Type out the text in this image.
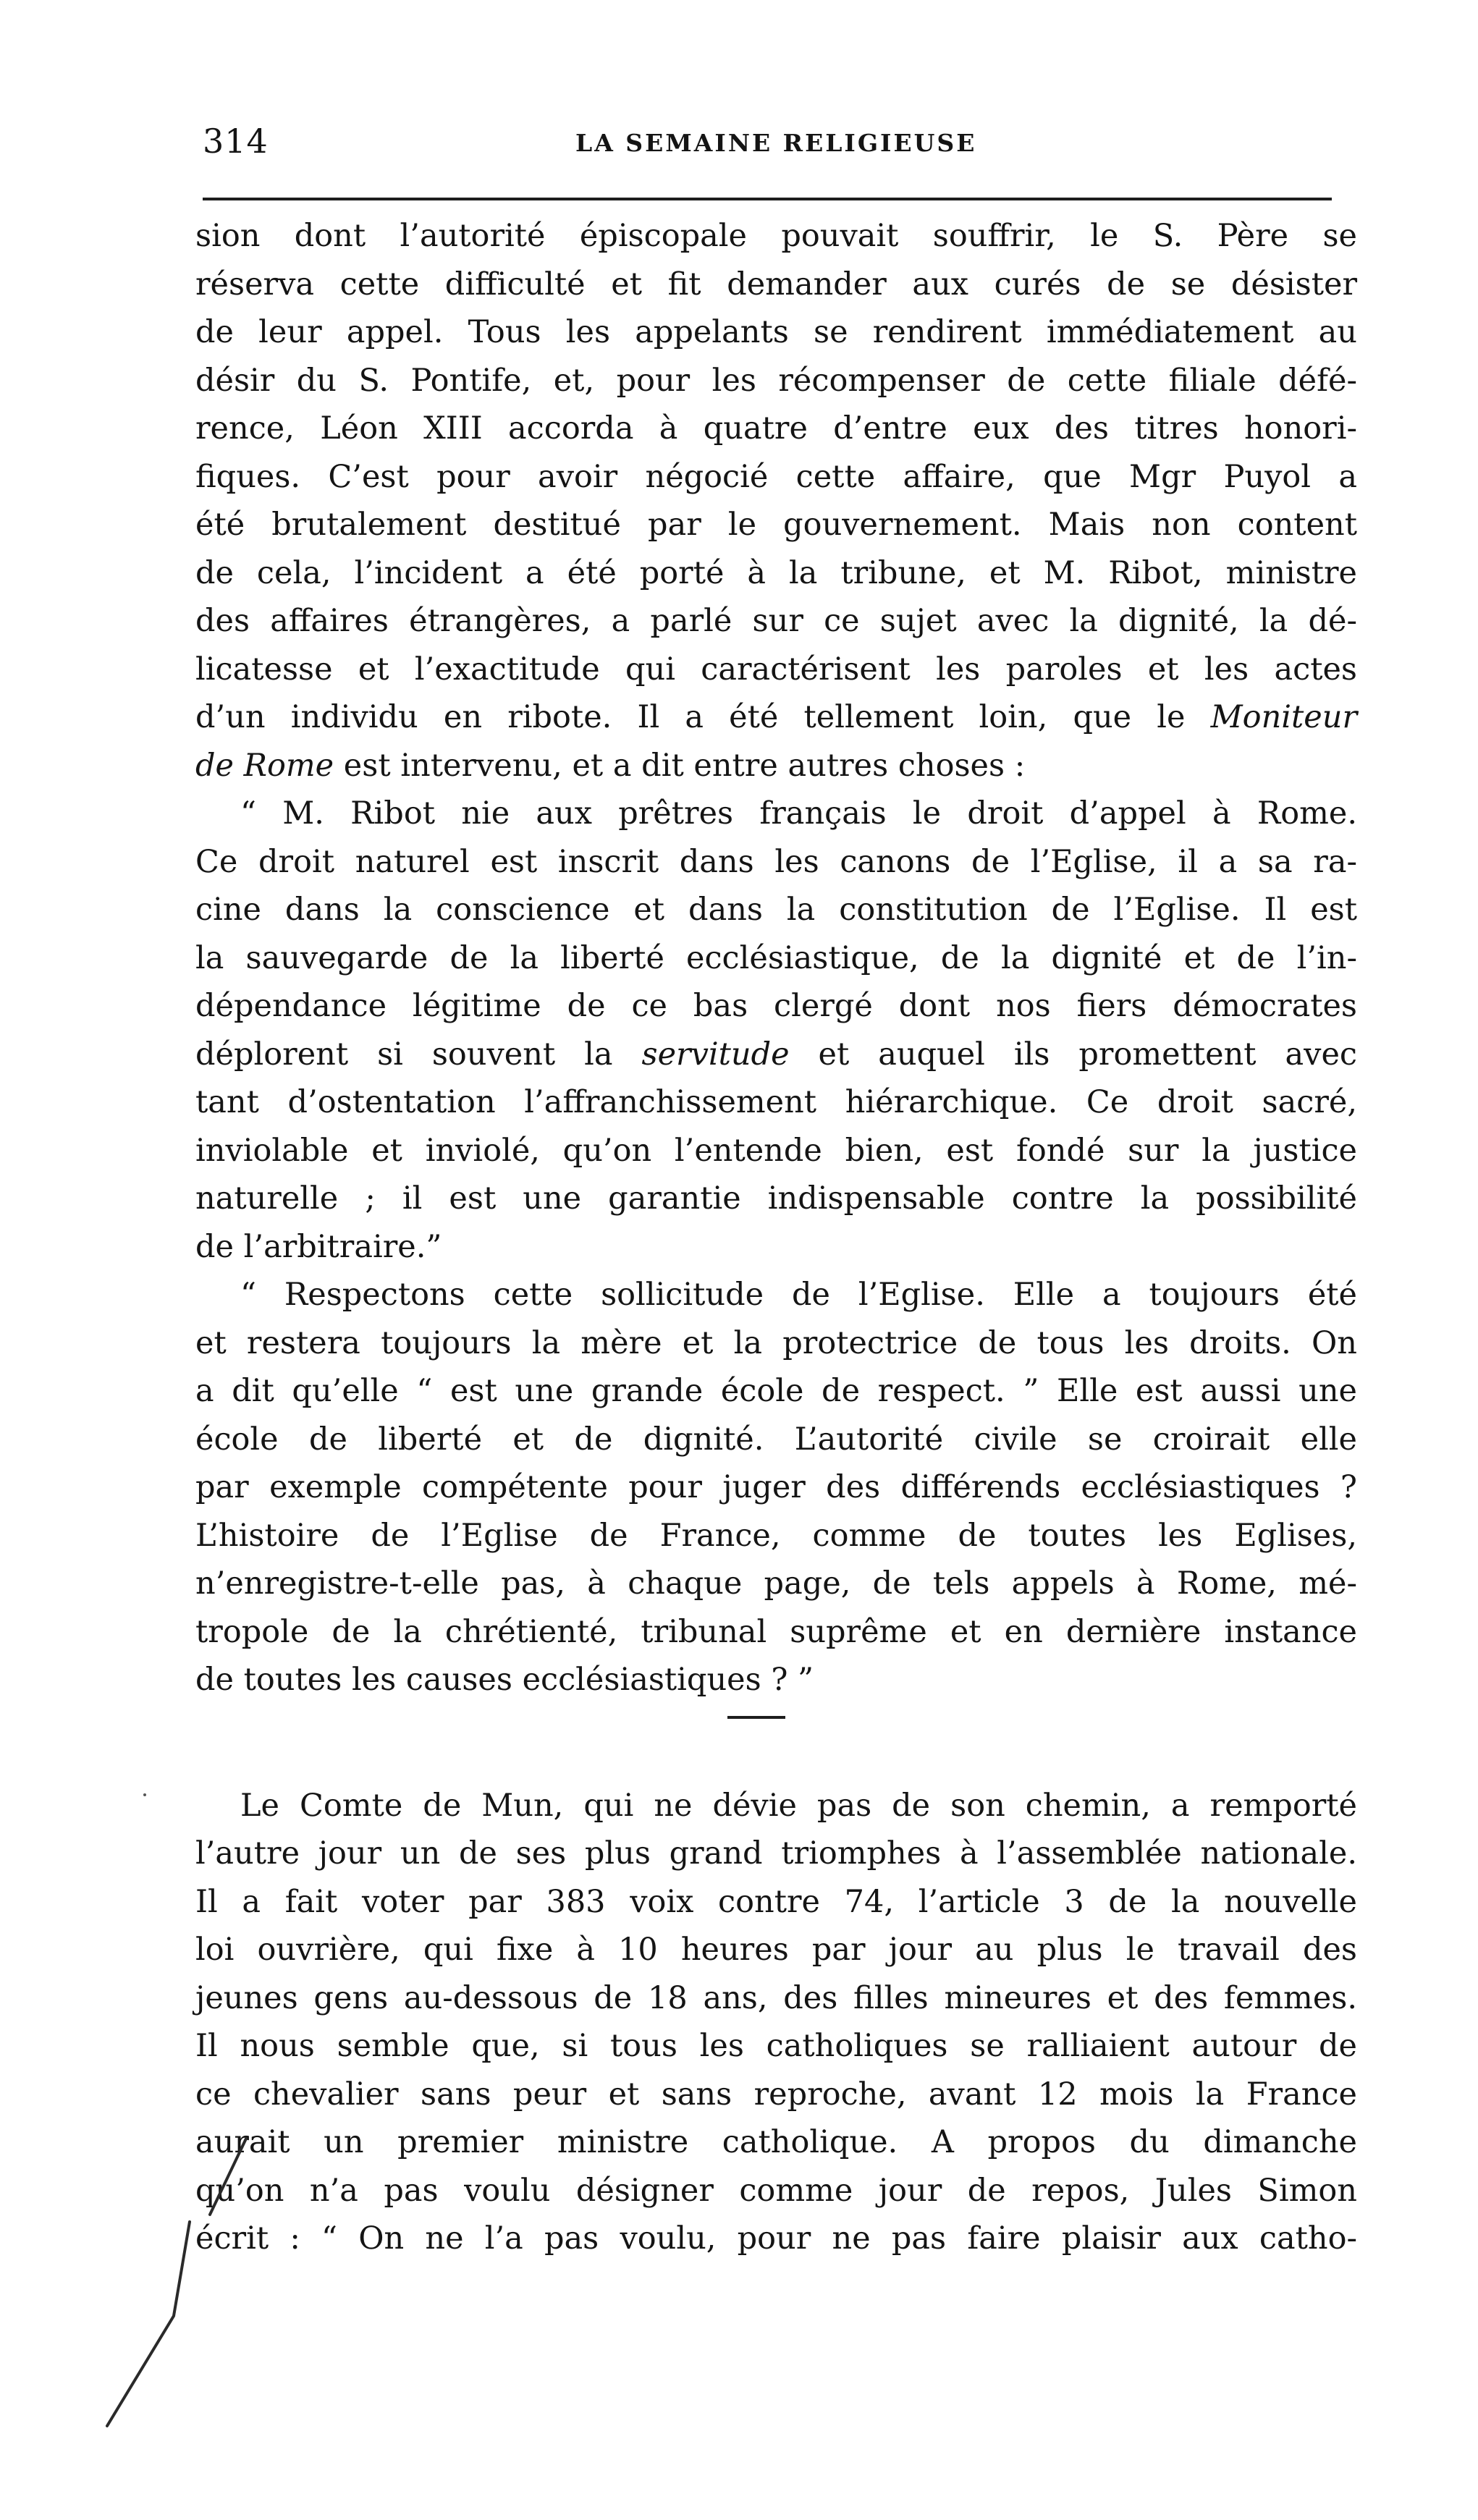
314	LA SEMAINE RELIGIEUSE
sion dont l’autorité épiscopale pouvait souffrir, le S. Père se
réserva cette difficulté et fit demander aux curés de se désister
de leur appel. Tous les appelants se rendirent immédiatement au
désir du S. Pontife, et, pour les récompenser de cette filiale défé-
rence, Léon XIII accorda à quatre d’entre eux des titres honori-
fiques. C’est pour avoir négocié cette affaire, que Mgr Puyol a
été brutalement destitué par le gouvernement. Mais non content
de cela, l’incident a été porté à la tribune, et M. Ribot, ministre
des affaires étrangères, a parlé sur ce sujet avec la dignité, la dé-
licatesse et l’exactitude qui caractérisent les paroles et les actes
d’un individu en ribote. Il a été tellement loin, que le Moniteur
de Rome est intervenu, et a dit entre autres choses :
“ M. Ribot nie aux prêtres français le droit d’appel à Rome.
Ce droit naturel est inscrit dans les canons de l’Eglise, il a sa ra-
cine dans la conscience et dans la constitution de l’Eglise. Il est
la sauvegarde de la liberté ecclésiastique, de la dignité et de l’in-
dépendance légitime de ce bas clergé dont nos fiers démocrates
déplorent si souvent la servitude et auquel ils promettent avec
tant d’ostentation l’affranchissement hiérarchique. Ce droit sacré,
inviolable et inviolé, qu’on l’entende bien, est fondé sur la justice
naturelle ; il est une garantie indispensable contre la possibilité
de l’arbitraire.”
“ Respectons cette sollicitude de l’Eglise. Elle a toujours été
et restera toujours la mère et la protectrice de tous les droits. On
a dit qu’elle “ est une grande école de respect. ” Elle est aussi une
école de liberté et de dignité. L’autorité civile se croirait elle
par exemple compétente pour juger des différends ecclésiastiques ?
L’histoire de l’Eglise de France, comme de toutes les Eglises,
n’enregistre-t-elle pas, à chaque page, de tels appels à Rome, mé-
tropole de la chrétienté, tribunal suprême et en dernière instance
de toutes les causes ecclésiastiques ? ”
Le Comte de Mun, qui ne dévie pas de son chemin, a remporté
l’autre jour un de ses plus grand triomphes à l’assemblée nationale.
Il a fait voter par 383 voix contre 74, l’article 3 de la nouvelle
loi ouvrière, qui fixe à 10 heures par jour au plus le travail des
jeunes gens au-dessous de 18 ans, des filles mineures et des femmes.
Il nous semble que, si tous les catholiques se ralliaient autour de
ce chevalier sans peur et sans reproche, avant 12 mois la France
aurait un premier ministre catholique. A propos du dimanche
qu’on n’a pas voulu désigner comme jour de repos, Jules Simon
écrit : “ On ne l’a pas voulu, pour ne pas faire plaisir aux catho-
